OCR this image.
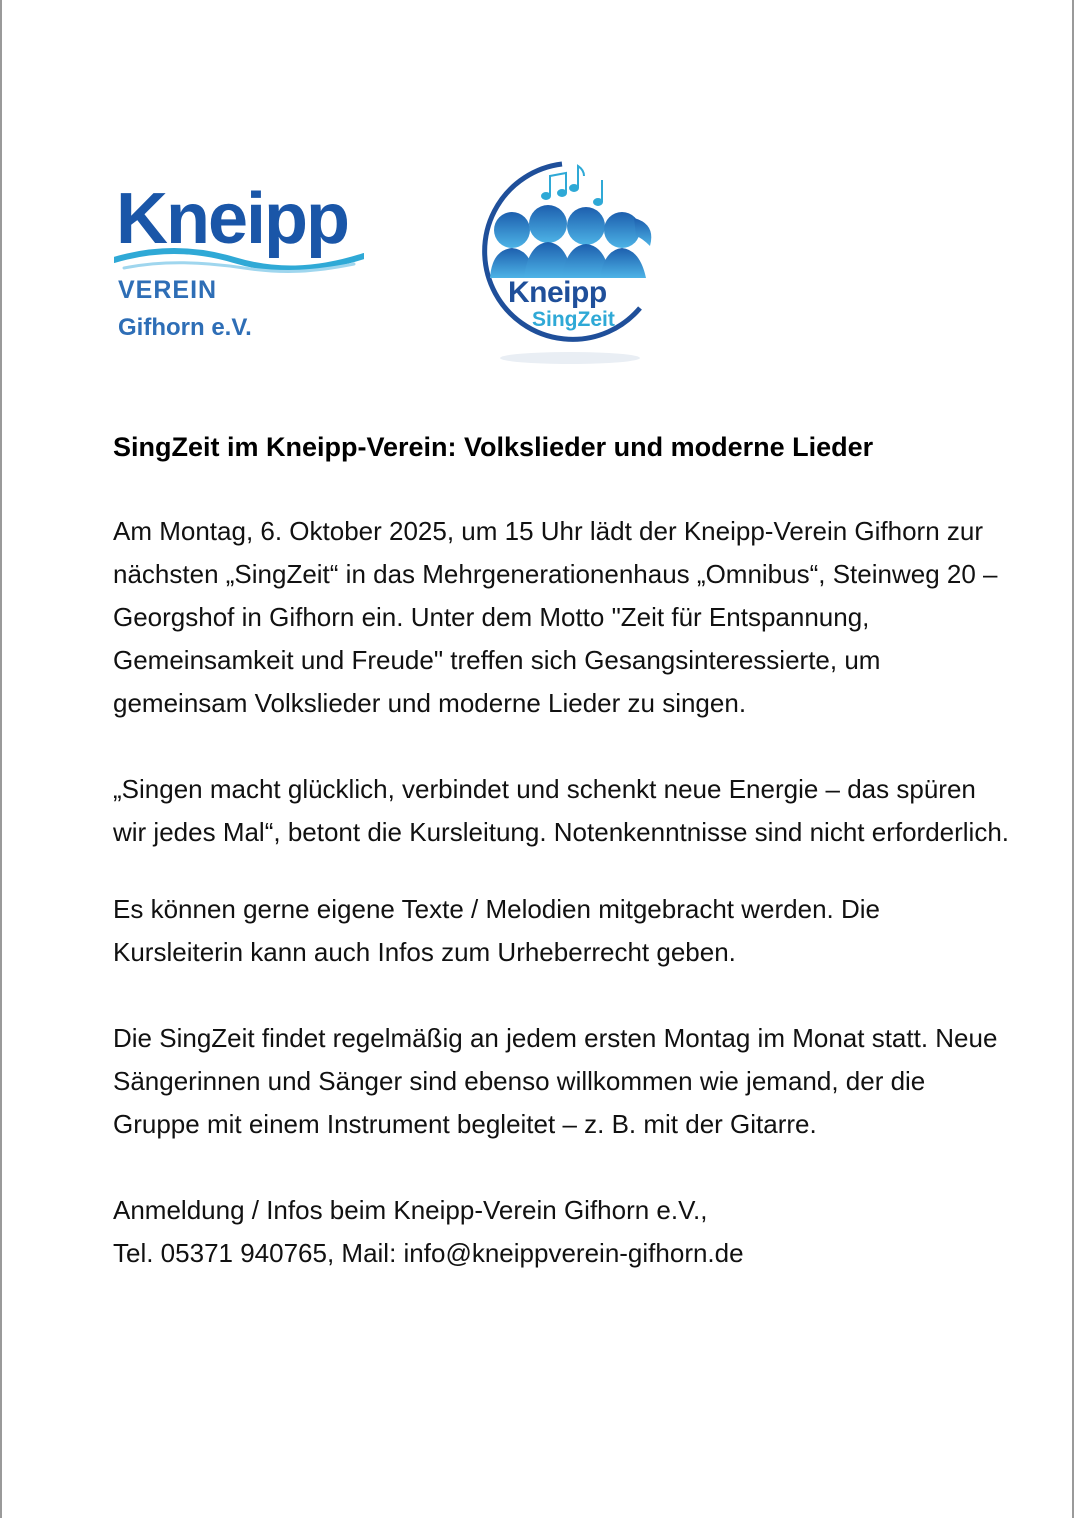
Kneipp
VEREIN
Gifhorn e.V.
Kneipp
SingZeit
SingZeit im Kneipp-Verein: Volkslieder und moderne Lieder

Am Montag, 6. Oktober 2025, um 15 Uhr lädt der Kneipp-Verein Gifhorn zur nächsten „SingZeit“ in das Mehrgenerationenhaus „Omnibus“, Steinweg 20 – Georgshof in Gifhorn ein. Unter dem Motto "Zeit für Entspannung, Gemeinsamkeit und Freude" treffen sich Gesangsinteressierte, um gemeinsam Volkslieder und moderne Lieder zu singen.

„Singen macht glücklich, verbindet und schenkt neue Energie – das spüren wir jedes Mal“, betont die Kursleitung. Notenkenntnisse sind nicht erforderlich.

Es können gerne eigene Texte / Melodien mitgebracht werden. Die Kursleiterin kann auch Infos zum Urheberrecht geben.

Die SingZeit findet regelmäßig an jedem ersten Montag im Monat statt. Neue Sängerinnen und Sänger sind ebenso willkommen wie jemand, der die Gruppe mit einem Instrument begleitet – z. B. mit der Gitarre.

Anmeldung / Infos beim Kneipp-Verein Gifhorn e.V.,
Tel. 05371 940765, Mail: info@kneippverein-gifhorn.de
